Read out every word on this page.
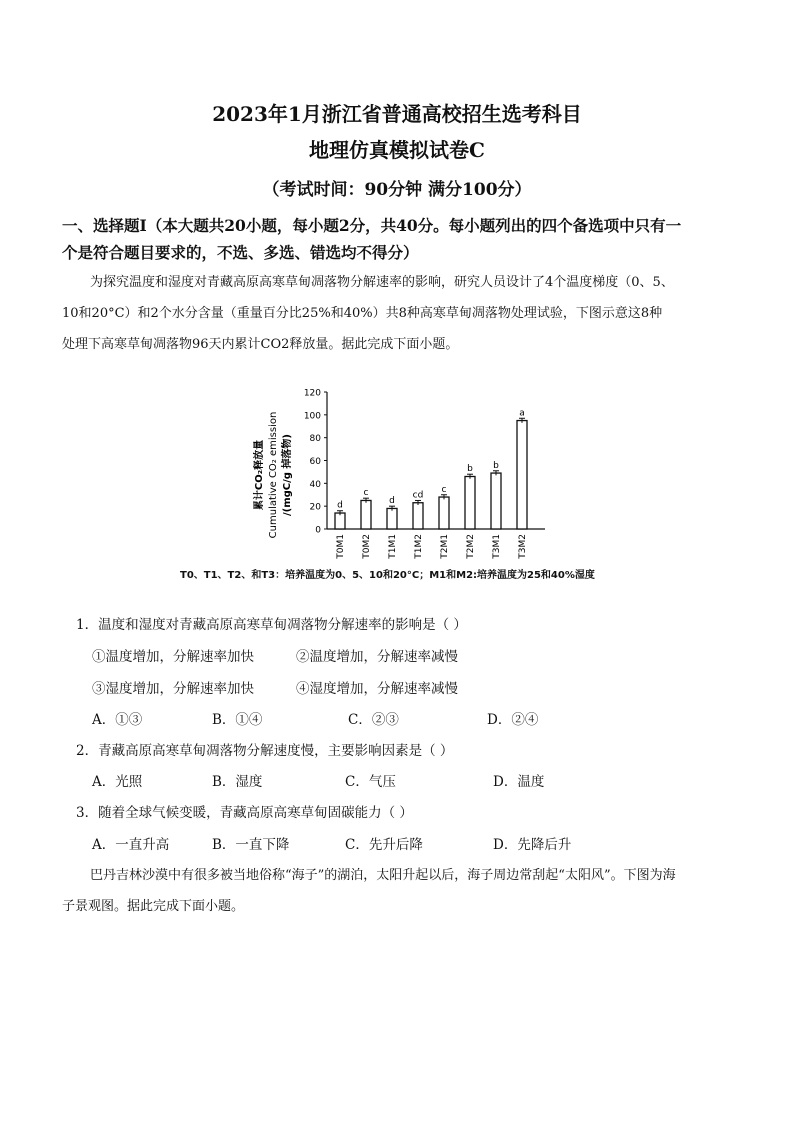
2023年1月浙江省普通高校招生选考科目
地理仿真模拟试卷C
（考试时间：90分钟 满分100分）
一、选择题Ⅰ（本大题共20小题，每小题2分，共40分。每小题列出的四个备选项中只有一
个是符合题目要求的，不选、多选、错选均不得分）
为探究温度和湿度对青藏高原高寒草甸凋落物分解速率的影响，研究人员设计了4个温度梯度（0、5、
10和20°C）和2个水分含量（重量百分比25%和40%）共8种高寒草甸凋落物处理试验，下图示意这8种
处理下高寒草甸凋落物96天内累计CO2释放量。据此完成下面小题。
累计CO₂释放量 Cumulative CO₂ emission /(mgC/g 掉落物)
0
20
40
60
80
100
120
d
T0M1
c
T0M2
d
T1M1
cd
T1M2
c
T2M1
b
T2M2
b
T3M1
a
T3M2
T0、T1、T2、和T3：培养温度为0、5、10和20°C；M1和M2:培养温度为25和40%湿度
1．温度和湿度对青藏高原高寒草甸凋落物分解速率的影响是（ ）
①温度增加，分解速率加快	②温度增加，分解速率减慢
③湿度增加，分解速率加快	④湿度增加，分解速率减慢
A．①③	B．①④	C．②③	D．②④
2．青藏高原高寒草甸凋落物分解速度慢，主要影响因素是（ ）
A．光照	B．湿度	C．气压	D．温度
3．随着全球气候变暖，青藏高原高寒草甸固碳能力（ ）
A．一直升高	B．一直下降	C．先升后降	D．先降后升
巴丹吉林沙漠中有很多被当地俗称“海子”的湖泊，太阳升起以后，海子周边常刮起“太阳风”。下图为海
子景观图。据此完成下面小题。
